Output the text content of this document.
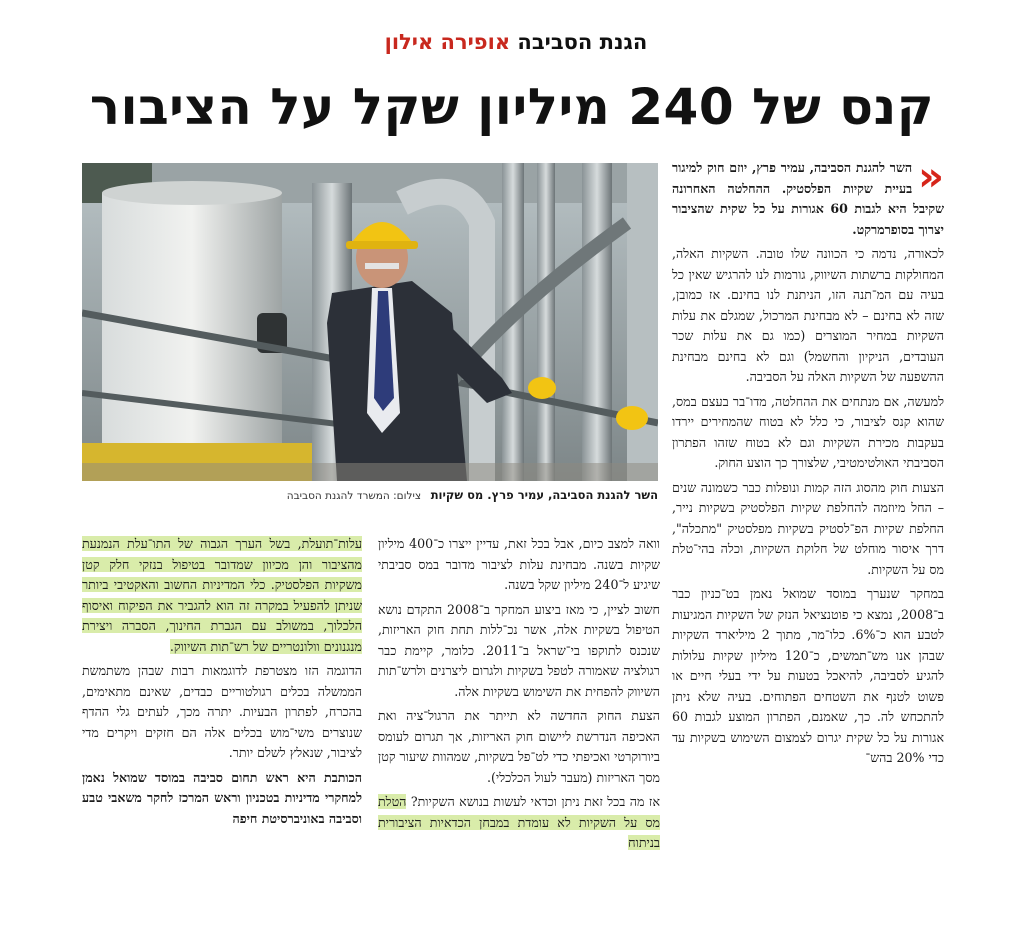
הגנת הסביבה אופירה אילון
קנס של 240 מיליון שקל על הציבור
השר להגנת הסביבה, עמיר פרץ. מס שקיות צילום: המשרד להגנת הסביבה

«
השר להגנת הסביבה, עמיר פרץ, יוזם חוק למיגור בעיית שקיות הפלסטיק. ההחלטה האחרונה שקיבל היא לגבות 60 אגורות על כל שקית שהציבור יצרוך בסופרמרקט.

לכאורה, נדמה כי הכוונה שלו טובה. השקיות האלה, המחולקות ברשתות השיווק, גורמות לנו להרגיש שאין כל בעיה עם המ־תנה הזו, הניתנת לנו בחינם. אז כמובן, שזה לא בחינם – לא מבחינת המרכול, שמגלם את עלות השקיות במחיר המוצרים (כמו גם את עלות שכר העובדים, הניקיון והחשמל) וגם לא בחינם מבחינת ההשפעה של השקיות האלה על הסביבה.

למעשה, אם מנתחים את ההחלטה, מדו־בר בעצם במס, שהוא קנס לציבור, כי כלל לא בטוח שהמחירים יירדו בעקבות מכירת השקיות וגם לא בטוח שזהו הפתרון הסביבתי האולטימטיבי, שלצורך כך הוצע החוק.

הצעות חוק מהסוג הזה קמות ונופלות כבר כשמונה שנים – החל מיוזמה להחלפת שקיות הפלסטיק בשקיות נייר, החלפת שקיות הפ־לסטיק בשקיות מפלסטיק "מתכלה", דרך איסור מוחלט של חלוקת השקיות, וכלה בהי־טלת מס על השקיות.

במחקר שנערך במוסד שמואל נאמן בט־כניון כבר ב־2008, נמצא כי פוטנציאל הנזק של השקיות המגיעות לטבע הוא כ־6%. כלו־מר, מתוך 2 מיליארד השקיות שבהן אנו מש־תמשים, כ־120 מיליון שקיות עלולות להגיע לסביבה, להיאכל בטעות על ידי בעלי חיים או פשוט לטנף את השטחים הפתוחים. בעיה שלא ניתן להתכחש לה. כך, שאמנם, הפתרון המוצע לגבות 60 אגורות על כל שקית יגרום לצמצום השימוש בשקיות עד כדי 20% בהש־

וואה למצב כיום, אבל בכל זאת, עדיין ייצרו כ־400 מיליון שקיות בשנה. מבחינת עלות לציבור מדובר במס סביבתי שיגיע ל־240 מיליון שקל בשנה.

חשוב לציין, כי מאז ביצוע המחקר ב־2008 התקדם נושא הטיפול בשקיות אלה, אשר נכ־ללות תחת חוק האריזות, שנכנס לתוקפו בי־שראל ב־2011. כלומר, קיימת כבר רגולציה שאמורה לטפל בשקיות ולגרום ליצרנים ולרש־תות השיווק להפחית את השימוש בשקיות אלה.

הצעת החוק החדשה לא תייתר את הרגול־ציה ואת האכיפה הנדרשת ליישום חוק האריזות, אך תגרום לעומס ביורוקרטי ואכיפתי כדי לט־פל בשקיות, שמהוות שיעור קטן מסך האריזות (מעבר לעול הכלכלי).

אז מה בכל זאת ניתן וכדאי לעשות בנושא השקיות? הטלת מס על השקיות לא עומדת במבחן הכדאיות הציבורית בניתוח

עלות־תועלת, בשל הערך הגבוה של התו־עלת הנמנעת מהציבור והן מכיוון שמדובר בטיפול בנזקי חלק קטן משקיות הפלסטיק. כלי המדיניות החשוב והאקטיבי ביותר שניתן להפעיל במקרה זה הוא להגביר את הפיקוח ואיסוף הלכלוך, במשולב עם הגברת החינוך, הסברה ויצירת מנגנונים וולונטריים של רש־תות השיווק.

הדוגמה הזו מצטרפת לדוגמאות רבות שבהן משתמשת הממשלה בכלים רגולטוריים כבדים, שאינם מתאימים, בהכרח, לפתרון הבעיות. יתרה מכך, לעתים גלי ההדף שנוצרים משי־מוש בכלים אלה הם חזקים ויקרים מדי לציבור, שנאלץ לשלם יותר.

הכותבת היא ראש תחום סביבה במוסד שמואל נאמן למחקרי מדיניות בטכניון וראש המרכז לחקר משאבי טבע וסביבה באוניברסיטת חיפה
